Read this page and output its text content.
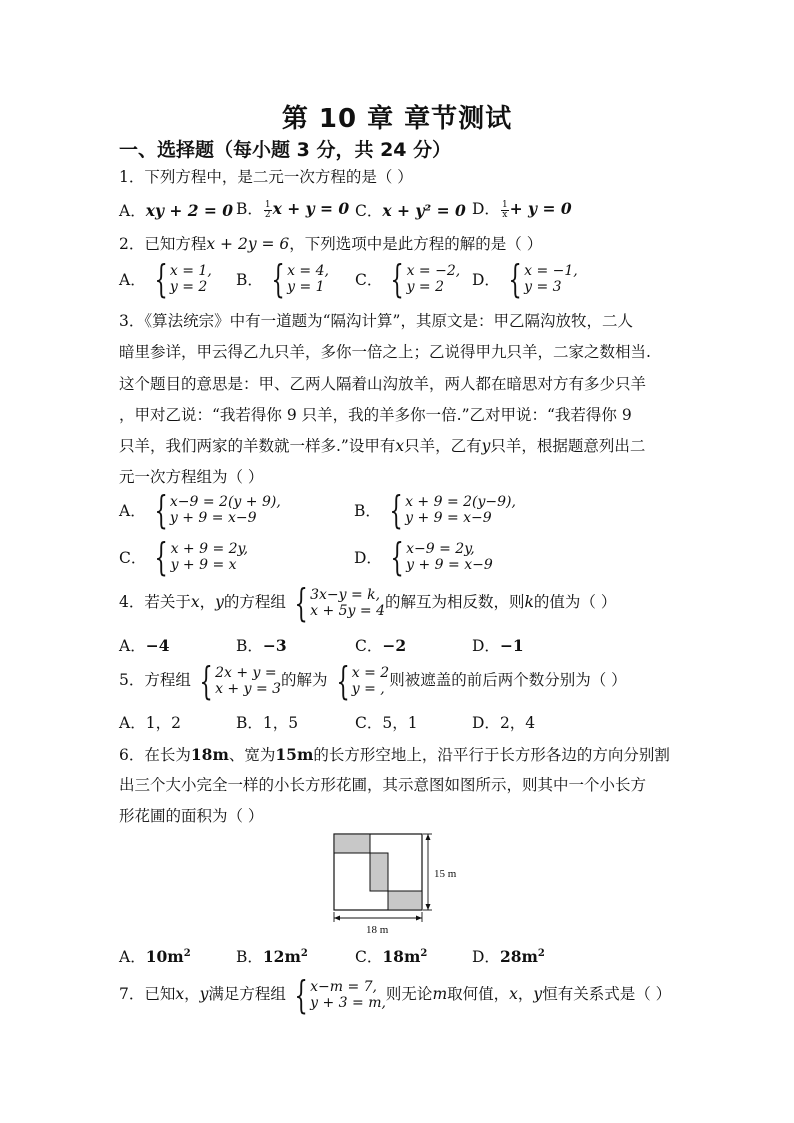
第 10 章 章节测试
一、选择题（每小题 3 分，共 24 分）
1．下列方程中，是二元一次方程的是（ ）
A．xy + 2 = 0 B． $\frac{1}{2}$ x + y = 0 C．x + y² = 0 D． $\frac{1}{x} + y = 0$
2．已知方程x + 2y = 6，下列选项中是此方程的解的是（ ）
A． { x = 1,
y = 2 B． { x = 4,
y = 1 C． { x = −2,
y = 2	D． { x = −1,
y = 3
3．《算法统宗》中有一道题为“隔沟计算”，其原文是：甲乙隔沟放牧，二人
暗里参详，甲云得乙九只羊，多你一倍之上；乙说得甲九只羊，二家之数相当.
这个题目的意思是：甲、乙两人隔着山沟放羊，两人都在暗思对方有多少只羊
，甲对乙说：“我若得你 9 只羊，我的羊多你一倍.”乙对甲说：“我若得你 9
只羊，我们两家的羊数就一样多.”设甲有x只羊，乙有y只羊，根据题意列出二
元一次方程组为（ ）
A． { x−9 = 2(y + 9),
y + 9 = x−9	B． { x + 9 = 2(y−9),
y + 9 = x−9
C． { x + 9 = 2y,
y + 9 = x	D． { x−9 = 2y,
y + 9 = x−9
4．若关于x，y的方程组 { 3x−y = k,
x + 5y = 4 的解互为相反数，则k的值为（ ）
A．−4	B．−3	C．−2	D．−1
5．方程组 { 2x + y =
x + y = 3 的解为 { x = 2
y = , 则被遮盖的前后两个数分别为（ ）
A．1，2	B．1，5	C．5，1	D．2，4
6．在长为18m、宽为15m的长方形空地上，沿平行于长方形各边的方向分别割
出三个大小完全一样的小长方形花圃，其示意图如图所示，则其中一个小长方
形花圃的面积为（ ）
15 m
18 m
A．$10m^2$	B．$12m^2$	C．$18m^2$	D．$28m^2$
7．已知x，y满足方程组 { x−m = 7,
y + 3 = m, 则无论m取何值，x，y恒有关系式是（ ）
